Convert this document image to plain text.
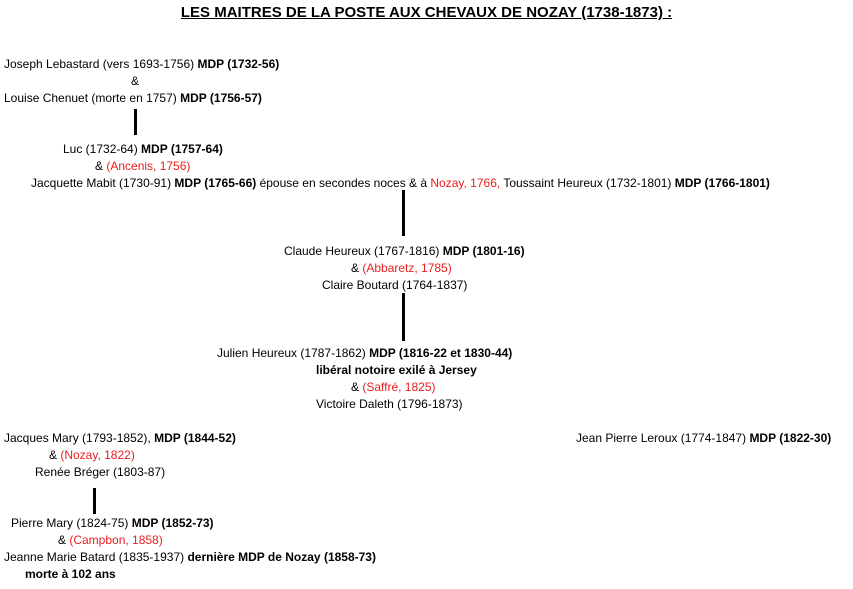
LES MAITRES DE LA POSTE AUX CHEVAUX DE NOZAY (1738-1873) :
Joseph Lebastard (vers 1693-1756) MDP (1732-56)
&
Louise Chenuet (morte en 1757) MDP (1756-57)
Luc (1732-64) MDP (1757-64)
& (Ancenis, 1756)
Jacquette Mabit (1730-91) MDP (1765-66) épouse en secondes noces & à Nozay, 1766, Toussaint Heureux (1732-1801) MDP (1766-1801)
Claude Heureux (1767-1816) MDP (1801-16)
& (Abbaretz, 1785)
Claire Boutard (1764-1837)
Julien Heureux (1787-1862) MDP (1816-22 et 1830-44)
libéral notoire exilé à Jersey
& (Saffré, 1825)
Victoire Daleth (1796-1873)
Jacques Mary (1793-1852), MDP (1844-52)
& (Nozay, 1822)
Renée Bréger (1803-87)
Jean Pierre Leroux (1774-1847) MDP (1822-30)
Pierre Mary (1824-75) MDP (1852-73)
& (Campbon, 1858)
Jeanne Marie Batard (1835-1937) dernière MDP de Nozay (1858-73)
morte à 102 ans
